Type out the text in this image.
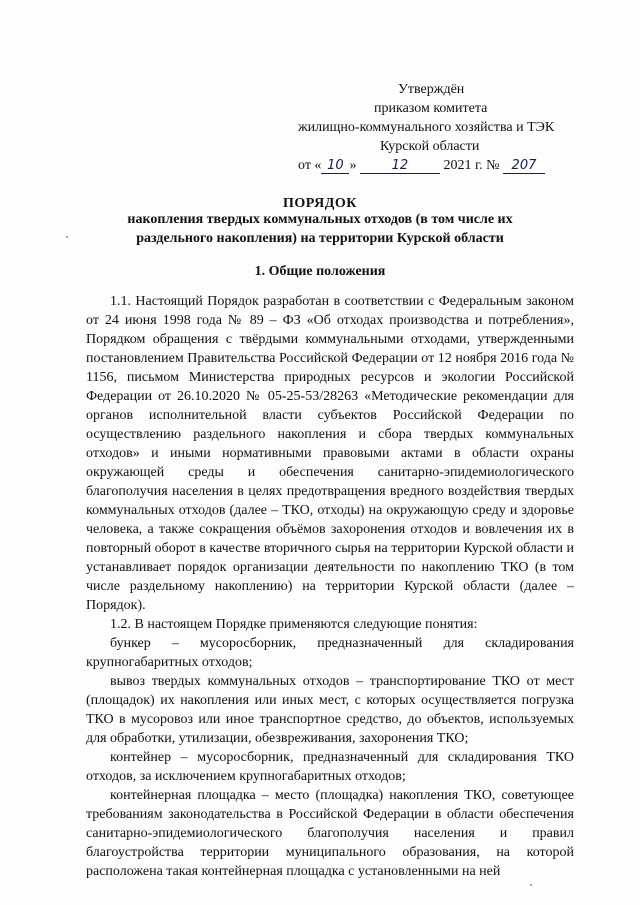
Утверждён
приказом комитета
жилищно-коммунального хозяйства и ТЭК
Курской области
от « 10 »	12	2021 г. № 207
ПОРЯДОК
накопления твердых коммунальных отходов (в том числе их
раздельного накопления) на территории Курской области
1. Общие положения

1.1. Настоящий Порядок разработан в соответствии с Федеральным законом от 24 июня 1998 года № 89 – ФЗ «Об отходах производства и потребления», Порядком обращения с твёрдыми коммунальными отходами, утвержденными постановлением Правительства Российской Федерации от 12 ноября 2016 года № 1156, письмом Министерства природных ресурсов и экологии Российской Федерации от 26.10.2020 № 05-25-53/28263 «Методические рекомендации для органов исполнительной власти субъектов Российской Федерации по осуществлению раздельного накопления и сбора твердых коммунальных отходов» и иными нормативными правовыми актами в области охраны окружающей среды и обеспечения санитарно-эпидемиологического благополучия населения в целях предотвращения вредного воздействия твердых коммунальных отходов (далее – ТКО, отходы) на окружающую среду и здоровье человека, а также сокращения объёмов захоронения отходов и вовлечения их в повторный оборот в качестве вторичного сырья на территории Курской области и устанавливает порядок организации деятельности по накоплению ТКО (в том числе раздельному накоплению) на территории Курской области (далее – Порядок).

1.2. В настоящем Порядке применяются следующие понятия:

бункер – мусоросборник, предназначенный для складирования крупногабаритных отходов;

вывоз твердых коммунальных отходов – транспортирование ТКО от мест (площадок) их накопления или иных мест, с которых осуществляется погрузка ТКО в мусоровоз или иное транспортное средство, до объектов, используемых для обработки, утилизации, обезвреживания, захоронения ТКО;

контейнер – мусоросборник, предназначенный для складирования ТКО отходов, за исключением крупногабаритных отходов;

контейнерная площадка – место (площадка) накопления ТКО, советующее требованиям законодательства в Российской Федерации в области обеспечения санитарно-эпидемиологического благополучия населения и правил благоустройства территории муниципального образования, на которой расположена такая контейнерная площадка с установленными на ней
